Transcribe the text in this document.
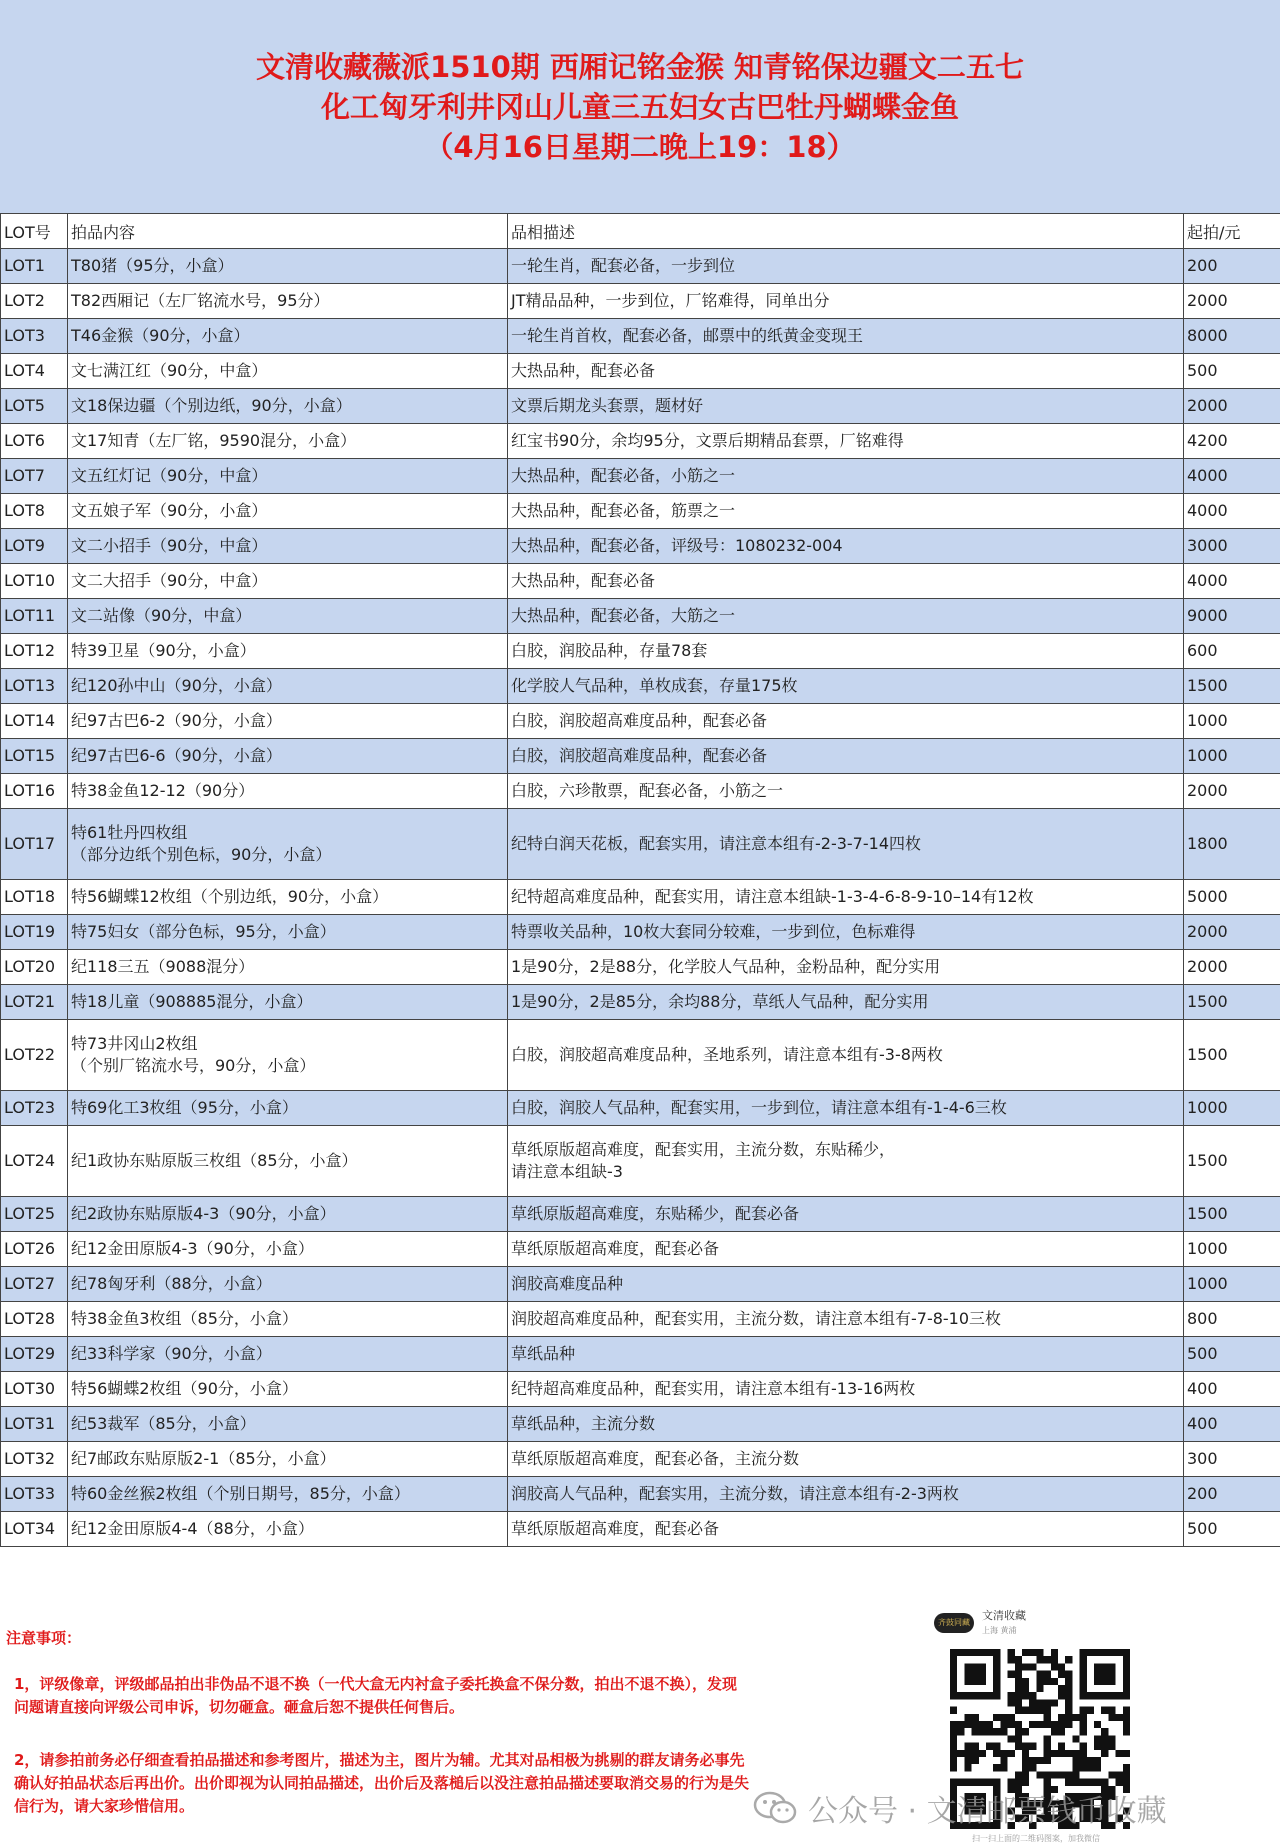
文清收藏薇派1510期 西厢记铭金猴 知青铭保边疆文二五七
化工匈牙利井冈山儿童三五妇女古巴牡丹蝴蝶金鱼
（4月16日星期二晚上19：18）
LOT号	拍品内容	品相描述	起拍/元
LOT1	T80猪（95分，小盒）	一轮生肖，配套必备，一步到位	200
LOT2	T82西厢记（左厂铭流水号，95分）	JT精品品种，一步到位，厂铭难得，同单出分	2000
LOT3	T46金猴（90分，小盒）	一轮生肖首枚，配套必备，邮票中的纸黄金变现王	8000
LOT4	文七满江红（90分，中盒）	大热品种，配套必备	500
LOT5	文18保边疆（个别边纸，90分，小盒）	文票后期龙头套票，题材好	2000
LOT6	文17知青（左厂铭，9590混分，小盒）	红宝书90分，余均95分，文票后期精品套票，厂铭难得	4200
LOT7	文五红灯记（90分，中盒）	大热品种，配套必备，小筋之一	4000
LOT8	文五娘子军（90分，小盒）	大热品种，配套必备，筋票之一	4000
LOT9	文二小招手（90分，中盒）	大热品种，配套必备，评级号：1080232-004	3000
LOT10	文二大招手（90分，中盒）	大热品种，配套必备	4000
LOT11	文二站像（90分，中盒）	大热品种，配套必备，大筋之一	9000
LOT12	特39卫星（90分，小盒）	白胶，润胶品种，存量78套	600
LOT13	纪120孙中山（90分，小盒）	化学胶人气品种，单枚成套，存量175枚	1500
LOT14	纪97古巴6-2（90分，小盒）	白胶，润胶超高难度品种，配套必备	1000
LOT15	纪97古巴6-6（90分，小盒）	白胶，润胶超高难度品种，配套必备	1000
LOT16	特38金鱼12-12（90分）	白胶，六珍散票，配套必备，小筋之一	2000
LOT17	特61牡丹四枚组
（部分边纸个别色标，90分，小盒）	纪特白润天花板，配套实用，请注意本组有-2-3-7-14四枚	1800
LOT18	特56蝴蝶12枚组（个别边纸，90分，小盒）	纪特超高难度品种，配套实用，请注意本组缺-1-3-4-6-8-9-10–14有12枚	5000
LOT19	特75妇女（部分色标，95分，小盒）	特票收关品种，10枚大套同分较难，一步到位，色标难得	2000
LOT20	纪118三五（9088混分）	1是90分，2是88分，化学胶人气品种，金粉品种，配分实用	2000
LOT21	特18儿童（908885混分，小盒）	1是90分，2是85分，余均88分，草纸人气品种，配分实用	1500
LOT22	特73井冈山2枚组
（个别厂铭流水号，90分，小盒）	白胶，润胶超高难度品种，圣地系列，请注意本组有-3-8两枚	1500
LOT23	特69化工3枚组（95分，小盒）	白胶，润胶人气品种，配套实用，一步到位，请注意本组有-1-4-6三枚	1000
LOT24	纪1政协东贴原版三枚组（85分，小盒）	草纸原版超高难度，配套实用，主流分数，东贴稀少，
请注意本组缺-3	1500
LOT25	纪2政协东贴原版4-3（90分，小盒）	草纸原版超高难度，东贴稀少，配套必备	1500
LOT26	纪12金田原版4-3（90分，小盒）	草纸原版超高难度，配套必备	1000
LOT27	纪78匈牙利（88分，小盒）	润胶高难度品种	1000
LOT28	特38金鱼3枚组（85分，小盒）	润胶超高难度品种，配套实用，主流分数，请注意本组有-7-8-10三枚	800
LOT29	纪33科学家（90分，小盒）	草纸品种	500
LOT30	特56蝴蝶2枚组（90分，小盒）	纪特超高难度品种，配套实用，请注意本组有-13-16两枚	400
LOT31	纪53裁军（85分，小盒）	草纸品种，主流分数	400
LOT32	纪7邮政东贴原版2-1（85分，小盒）	草纸原版超高难度，配套必备，主流分数	300
LOT33	特60金丝猴2枚组（个别日期号，85分，小盒）	润胶高人气品种，配套实用，主流分数，请注意本组有-2-3两枚	200
LOT34	纪12金田原版4-4（88分，小盒）	草纸原版超高难度，配套必备	500
注意事项：
1，评级像章，评级邮品拍出非伪品不退不换（一代大盒无内衬盒子委托换盒不保分数，拍出不退不换），发现问题请直接向评级公司申诉，切勿砸盒。砸盒后恕不提供任何售后。
2，请参拍前务必仔细查看拍品描述和参考图片，描述为主，图片为辅。尤其对品相极为挑剔的群友请务必事先确认好拍品状态后再出价。出价即视为认同拍品描述，出价后及落槌后以没注意拍品描述要取消交易的行为是失信行为，请大家珍惜信用。
齐鼓同藏
文清收藏
上海 黄浦
扫一扫上面的二维码图案，加我微信
公众号 · 文清邮票钱币收藏
